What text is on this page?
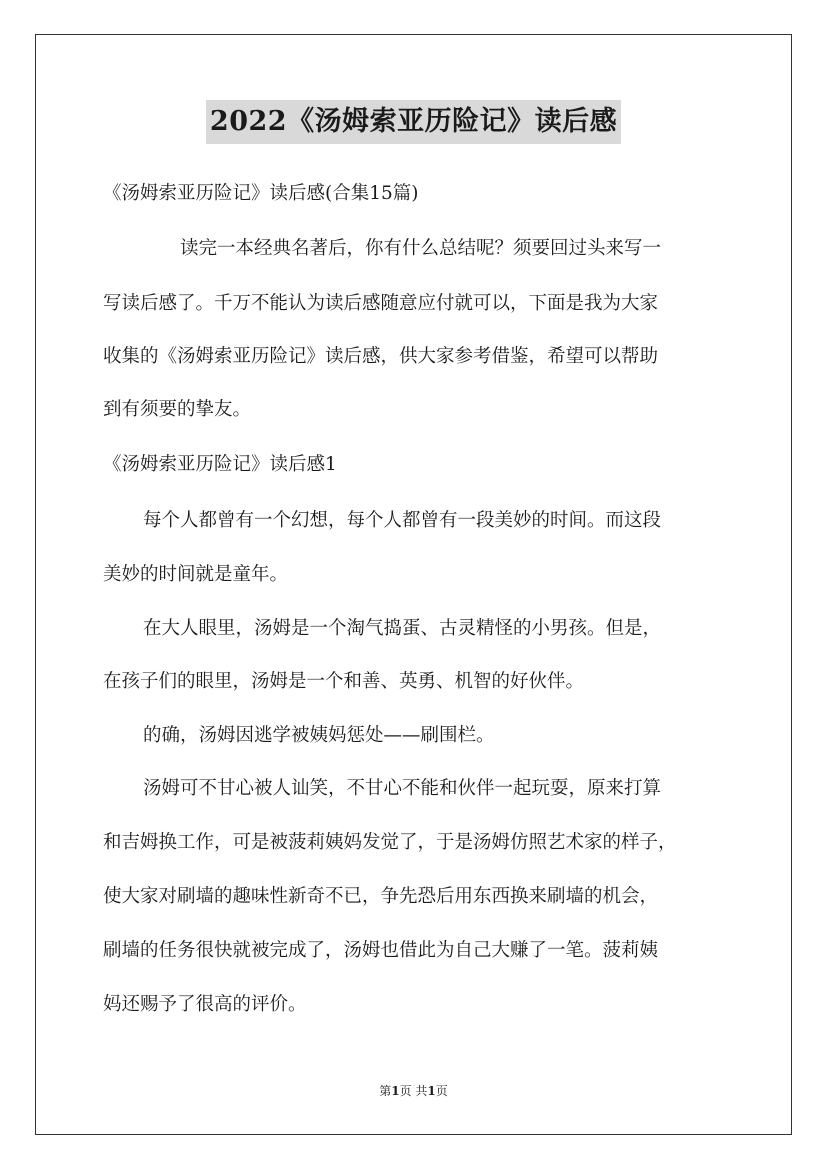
2022《汤姆索亚历险记》读后感
《汤姆索亚历险记》读后感(合集15篇)
读完一本经典名著后，你有什么总结呢？须要回过头来写一
写读后感了。千万不能认为读后感随意应付就可以，下面是我为大家
收集的《汤姆索亚历险记》读后感，供大家参考借鉴，希望可以帮助
到有须要的挚友。
《汤姆索亚历险记》读后感1
每个人都曾有一个幻想，每个人都曾有一段美妙的时间。而这段
美妙的时间就是童年。
在大人眼里，汤姆是一个淘气捣蛋、古灵精怪的小男孩。但是，
在孩子们的眼里，汤姆是一个和善、英勇、机智的好伙伴。
的确，汤姆因逃学被姨妈惩处——刷围栏。
汤姆可不甘心被人讪笑，不甘心不能和伙伴一起玩耍，原来打算
和吉姆换工作，可是被菠莉姨妈发觉了，于是汤姆仿照艺术家的样子，
使大家对刷墙的趣味性新奇不已，争先恐后用东西换来刷墙的机会，
刷墙的任务很快就被完成了，汤姆也借此为自己大赚了一笔。菠莉姨
妈还赐予了很高的评价。
第1页 共1页
